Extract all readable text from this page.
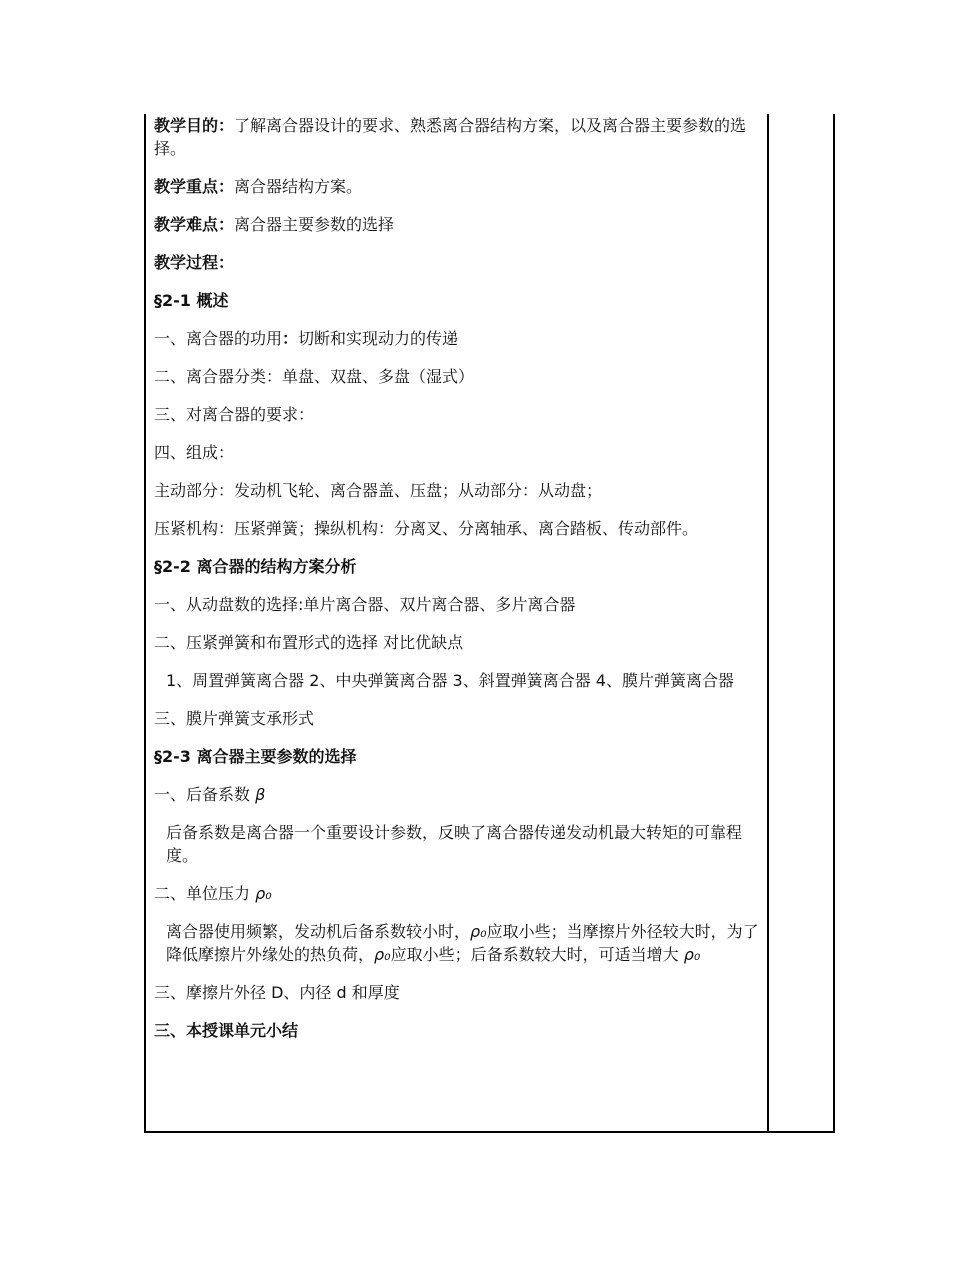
教学目的：了解离合器设计的要求、熟悉离合器结构方案，以及离合器主要参数的选择。

教学重点：离合器结构方案。

教学难点：离合器主要参数的选择

教学过程：

§2-1 概述

一、离合器的功用：切断和实现动力的传递

二、离合器分类：单盘、双盘、多盘（湿式）

三、对离合器的要求：

四、组成：

主动部分：发动机飞轮、离合器盖、压盘；从动部分：从动盘；

压紧机构：压紧弹簧；操纵机构：分离叉、分离轴承、离合踏板、传动部件。

§2-2 离合器的结构方案分析

一、从动盘数的选择:单片离合器、双片离合器、多片离合器

二、压紧弹簧和布置形式的选择 对比优缺点

1、周置弹簧离合器 2、中央弹簧离合器 3、斜置弹簧离合器 4、膜片弹簧离合器

三、膜片弹簧支承形式

§2-3 离合器主要参数的选择

一、后备系数 β

后备系数是离合器一个重要设计参数，反映了离合器传递发动机最大转矩的可靠程度。

二、单位压力 ρ₀

离合器使用频繁，发动机后备系数较小时，ρ₀应取小些；当摩擦片外径较大时，为了降低摩擦片外缘处的热负荷，ρ₀应取小些；后备系数较大时，可适当增大 ρ₀

三、摩擦片外径 D、内径 d 和厚度

三、本授课单元小结
